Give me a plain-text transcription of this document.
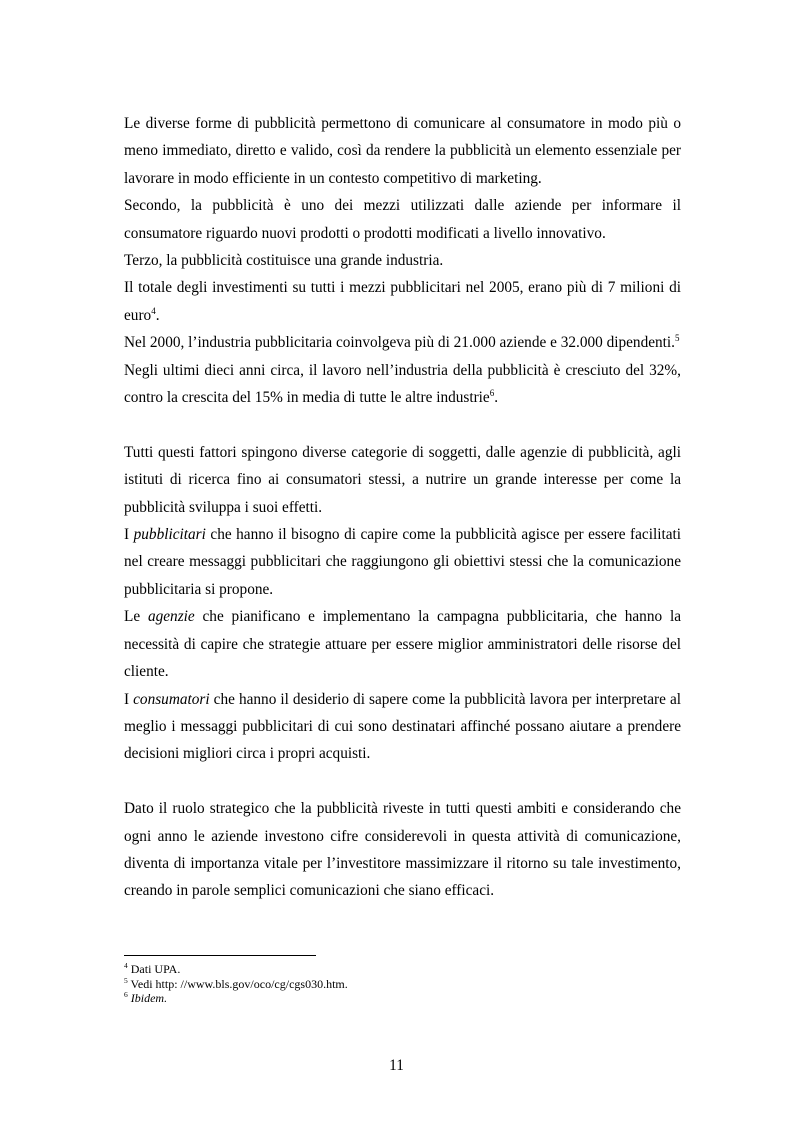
Le diverse forme di pubblicità permettono di comunicare al consumatore in modo più o meno immediato, diretto e valido, così da rendere la pubblicità un elemento essenziale per lavorare in modo efficiente in un contesto competitivo di marketing.

Secondo, la pubblicità è uno dei mezzi utilizzati dalle aziende per informare il consumatore riguardo nuovi prodotti o prodotti modificati a livello innovativo.

Terzo, la pubblicità costituisce una grande industria.

Il totale degli investimenti su tutti i mezzi pubblicitari nel 2005, erano più di 7 milioni di euro$^4$.

Nel 2000, l’industria pubblicitaria coinvolgeva più di 21.000 aziende e 32.000 dipendenti.$^5$

Negli ultimi dieci anni circa, il lavoro nell’industria della pubblicità è cresciuto del 32%, contro la crescita del 15% in media di tutte le altre industrie$^6$.

Tutti questi fattori spingono diverse categorie di soggetti, dalle agenzie di pubblicità, agli istituti di ricerca fino ai consumatori stessi, a nutrire un grande interesse per come la pubblicità sviluppa i suoi effetti.

I pubblicitari che hanno il bisogno di capire come la pubblicità agisce per essere facilitati nel creare messaggi pubblicitari che raggiungono gli obiettivi stessi che la comunicazione pubblicitaria si propone.

Le agenzie che pianificano e implementano la campagna pubblicitaria, che hanno la necessità di capire che strategie attuare per essere miglior amministratori delle risorse del cliente.

I consumatori che hanno il desiderio di sapere come la pubblicità lavora per interpretare al meglio i messaggi pubblicitari di cui sono destinatari affinché possano aiutare a prendere decisioni migliori circa i propri acquisti.

Dato il ruolo strategico che la pubblicità riveste in tutti questi ambiti e considerando che ogni anno le aziende investono cifre considerevoli in questa attività di comunicazione, diventa di importanza vitale per l’investitore massimizzare il ritorno su tale investimento, creando in parole semplici comunicazioni che siano efficaci.

$^4$ Dati UPA.

$^5$ Vedi http: //www.bls.gov/oco/cg/cgs030.htm.

$^6$ Ibidem.

11
